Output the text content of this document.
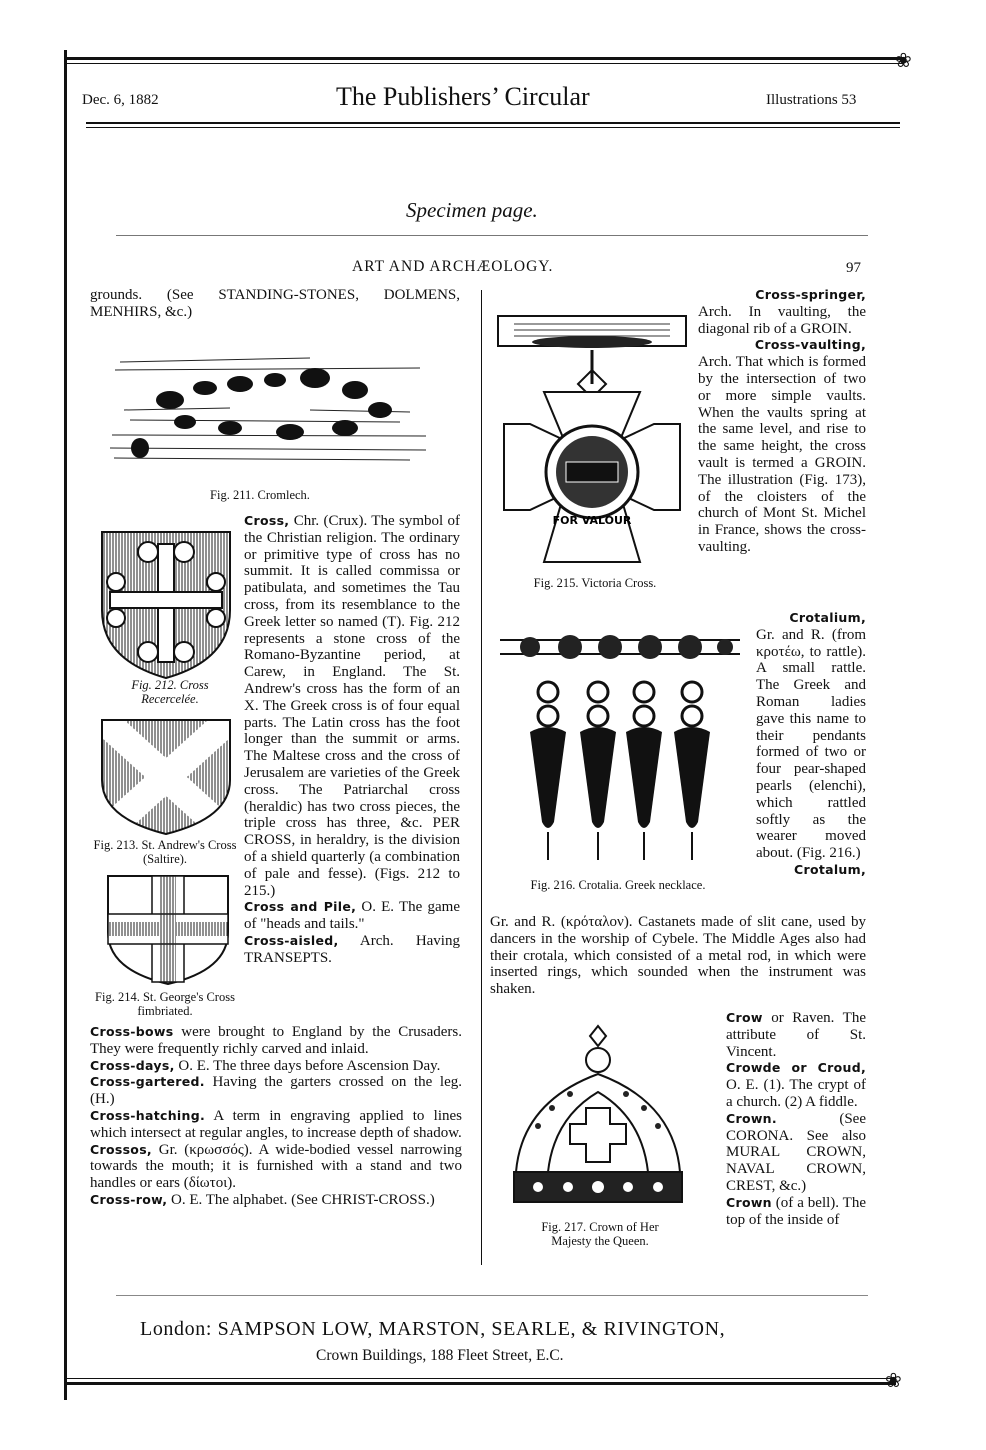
❀
Dec. 6, 1882	The Publishers’ Circular	Illustrations 53
Specimen page.
ART AND ARCHÆOLOGY.	97

grounds. (See STANDING-STONES, DOLMENS, MENHIRS, &c.)

Fig. 211. Cromlech.
Fig. 212. Cross Recercelée.
Fig. 213. St. Andrew's Cross (Saltire).
Fig. 214. St. George's Cross fimbriated.

Cross, Chr. (Crux). The symbol of the Christian religion. The ordinary or primitive type of cross has no summit. It is called commissa or patibulata, and sometimes the Tau cross, from its resemblance to the Greek letter so named (T). Fig. 212 represents a stone cross of the Romano-Byzantine period, at Carew, in England. The St. Andrew's cross has the form of an X. The Greek cross is of four equal parts. The Latin cross has the foot longer than the summit or arms. The Maltese cross and the cross of Jerusalem are varieties of the Greek cross. The Patriarchal cross (heraldic) has two cross pieces, the triple cross has three, &c. PER CROSS, in heraldry, is the division of a shield quarterly (a combination of pale and fesse). (Figs. 212 to 215.)

Cross and Pile, O. E. The game of "heads and tails."

Cross-aisled, Arch. Having TRANSEPTS.

Cross-bows were brought to England by the Crusaders. They were frequently richly carved and inlaid.

Cross-days, O. E. The three days before Ascension Day.

Cross-gartered. Having the garters crossed on the leg. (H.)

Cross-hatching. A term in engraving applied to lines which intersect at regular angles, to increase depth of shadow.

Crossos, Gr. (κρωσσός). A wide-bodied vessel narrowing towards the mouth; it is furnished with a stand and two handles or ears (δίωτοι).

Cross-row, O. E. The alphabet. (See CHRIST-CROSS.)

FOR VALOUR
Fig. 215. Victoria Cross.

Cross-springer,

Arch. In vaulting, the diagonal rib of a GROIN.

Cross-vaulting,

Arch. That which is formed by the intersection of two or more simple vaults. When the vaults spring at the same level, and rise to the same height, the cross vault is termed a GROIN. The illustration (Fig. 173), of the cloisters of the church of Mont St. Michel in France, shows the cross-vaulting.

Fig. 216. Crotalia. Greek necklace.

Crotalium,

Gr. and R. (from κροτέω, to rattle). A small rattle. The Greek and Roman ladies gave this name to their pendants formed of two or four pear-shaped pearls (elenchi), which rattled softly as the wearer moved about. (Fig. 216.)

Crotalum,

Gr. and R. (κρόταλον). Castanets made of slit cane, used by dancers in the worship of Cybele. The Middle Ages also had their crotala, which consisted of a metal rod, in which were inserted rings, which sounded when the instrument was shaken.

Fig. 217. Crown of Her Majesty the Queen.

Crow or Raven. The attribute of St. Vincent.

Crowde or Croud, O. E. (1). The crypt of a church. (2) A fiddle.

Crown.	(See CORONA. See also MURAL CROWN, NAVAL CROWN, CREST, &c.)

Crown (of a bell). The top of the inside of

London: SAMPSON LOW, MARSTON, SEARLE, & RIVINGTON,
Crown Buildings, 188 Fleet Street, E.C.
❀
